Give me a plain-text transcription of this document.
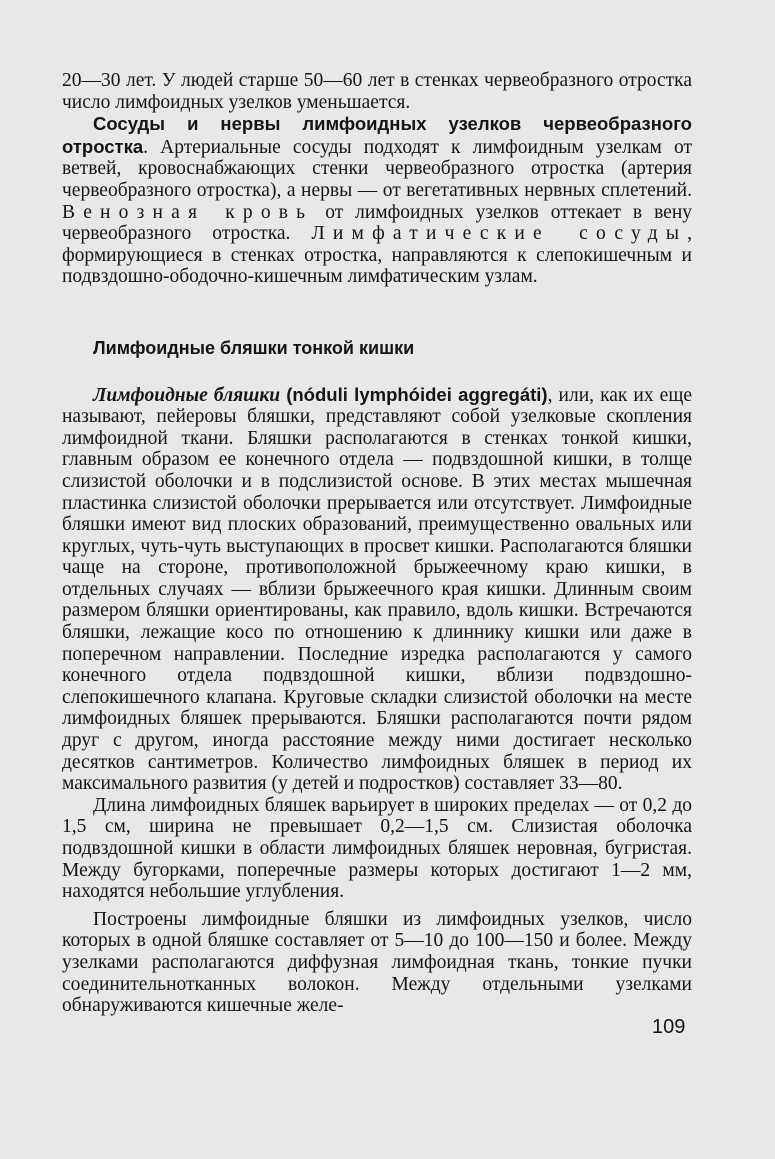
20—30 лет. У людей старше 50—60 лет в стенках червеобразного отростка число лимфоидных узелков уменьшается.

Сосуды и нервы лимфоидных узелков червеобразного отростка. Артериальные сосуды подходят к лимфоидным узелкам от ветвей, кровоснабжающих стенки червеобразного отростка (артерия червеобразного отростка), а нервы — от вегетативных нервных сплетений. Венозная кровь от лимфоидных узелков оттекает в вену червеобразного отростка. Лимфатические сосуды, формирующиеся в стенках отростка, направляются к слепокишечным и подвздошно-ободочно-кишечным лимфатическим узлам.

Лимфоидные бляшки тонкой кишки

Лимфоидные бляшки (nóduli lymphóidei aggregáti), или, как их еще называют, пейеровы бляшки, представляют собой узелковые скопления лимфоидной ткани. Бляшки располагаются в стенках тонкой кишки, главным образом ее конечного отдела — подвздошной кишки, в толще слизистой оболочки и в подслизистой основе. В этих местах мышечная пластинка слизистой оболочки прерывается или отсутствует. Лимфоидные бляшки имеют вид плоских образований, преимущественно овальных или круглых, чуть-чуть выступающих в просвет кишки. Располагаются бляшки чаще на стороне, противоположной брыжеечному краю кишки, в отдельных случаях — вблизи брыжеечного края кишки. Длинным своим размером бляшки ориентированы, как правило, вдоль кишки. Встречаются бляшки, лежащие косо по отношению к длиннику кишки или даже в поперечном направлении. Последние изредка располагаются у самого конечного отдела подвздошной кишки, вблизи подвздошно-слепокишечного клапана. Круговые складки слизистой оболочки на месте лимфоидных бляшек прерываются. Бляшки располагаются почти рядом друг с другом, иногда расстояние между ними достигает несколько десятков сантиметров. Количество лимфоидных бляшек в период их максимального развития (у детей и подростков) составляет 33—80.

Длина лимфоидных бляшек варьирует в широких пределах — от 0,2 до 1,5 см, ширина не превышает 0,2—1,5 см. Слизистая оболочка подвздошной кишки в области лимфоидных бляшек неровная, бугристая. Между бугорками, поперечные размеры которых достигают 1—2 мм, находятся небольшие углубления.

Построены лимфоидные бляшки из лимфоидных узелков, число которых в одной бляшке составляет от 5—10 до 100—150 и более. Между узелками располагаются диффузная лимфоидная ткань, тонкие пучки соединительнотканных волокон. Между отдельными узелками обнаруживаются кишечные желе-

109
